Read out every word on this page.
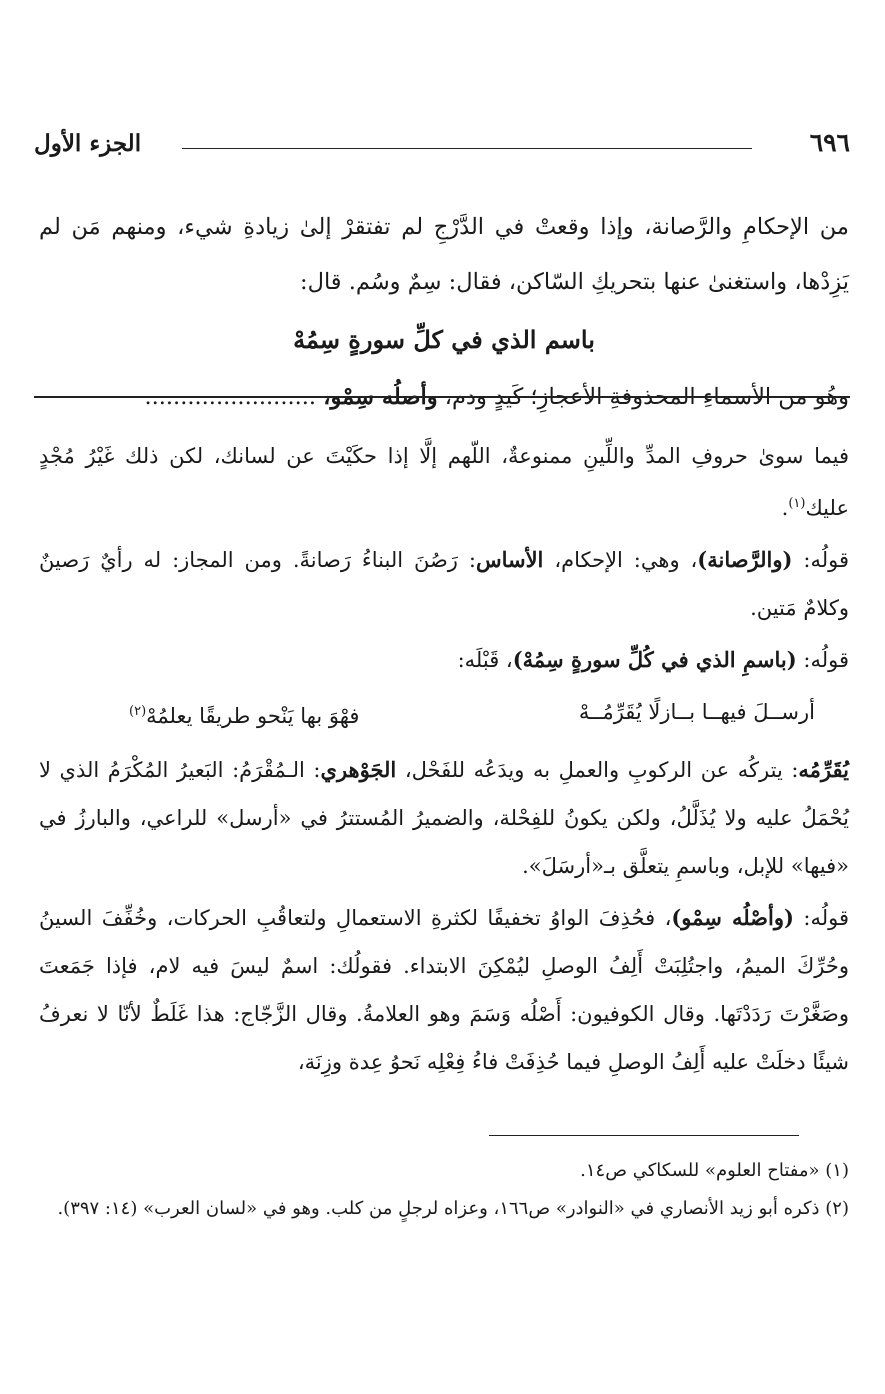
٦٩٦
الجزء الأول

من الإحكامِ والرَّصانة، وإذا وقعتْ في الدَّرْجِ لم تفتقرْ إلىٰ زيادةِ شيء، ومنهم مَن لم يَزِدْها، واستغنىٰ عنها بتحريكِ السّاكن، فقال: سِمٌ وسُم. قال:

باسم الذي في كلِّ سورةٍ سِمُهْ

وهُو من الأسماءِ المحذوفةِ الأعجازِ؛ كَيدٍ ودم، وأصلُه سِمْو، ........................

فيما سوىٰ حروفِ المدِّ واللِّينِ ممنوعةٌ، اللّهم إلَّا إذا حكَيْتَ عن لسانك، لكن ذلك غَيْرُ مُجْدٍ عليك$^{(١)}$.

قولُه: (والرَّصانة)، وهي: الإحكام، الأساس: رَصُنَ البناءُ رَصانةً. ومن المجاز: له رأيٌ رَصينٌ وكلامٌ مَتين.

قولُه: (باسمِ الذي في كُلِّ سورةٍ سِمُهْ)، قَبْلَه:

أرســلَ فيهــا بــازلًا يُقَرِّمُــهْ
فهْوَ بها يَنْحو طريقًا يعلمُهْ$^{(٢)}$

يُقَرِّمُه: يتركُه عن الركوبِ والعملِ به ويدَعُه للفَحْل، الجَوْهري: الـمُقْرَمُ: البَعيرُ المُكْرَمُ الذي لا يُحْمَلُ عليه ولا يُذَلَّلُ، ولكن يكونُ للفِحْلة، والضميرُ المُستترُ في «أرسل» للراعي، والبارزُ في «فيها» للإبل، وباسمِ يتعلَّق بـ«أرسَلَ».

قولُه: (وأصْلُه سِمْو)، فحُذِفَ الواوُ تخفيفًا لكثرةِ الاستعمالِ ولتعاقُبِ الحركات، وخُفِّفَ السينُ وحُرِّكَ الميمُ، واجتُلِبَتْ أَلِفُ الوصلِ ليُمْكِنَ الابتداء. فقولُك: اسمٌ ليسَ فيه لام، فإذا جَمَعتَ وصَغَّرْتَ رَدَدْتَها. وقال الكوفيون: أَصْلُه وَسَمَ وهو العلامةُ. وقال الزَّجّاج: هذا غَلَطٌ لأنّا لا نعرفُ شيئًا دخلَتْ عليه أَلِفُ الوصلِ فيما حُذِفَتْ فاءُ فِعْلِه نَحوُ عِدة وزِنَة،

(١) «مفتاح العلوم» للسكاكي ص١٤.

(٢) ذكره أبو زيد الأنصاري في «النوادر» ص١٦٦، وعزاه لرجلٍ من كلب. وهو في «لسان العرب» (١٤: ٣٩٧).
